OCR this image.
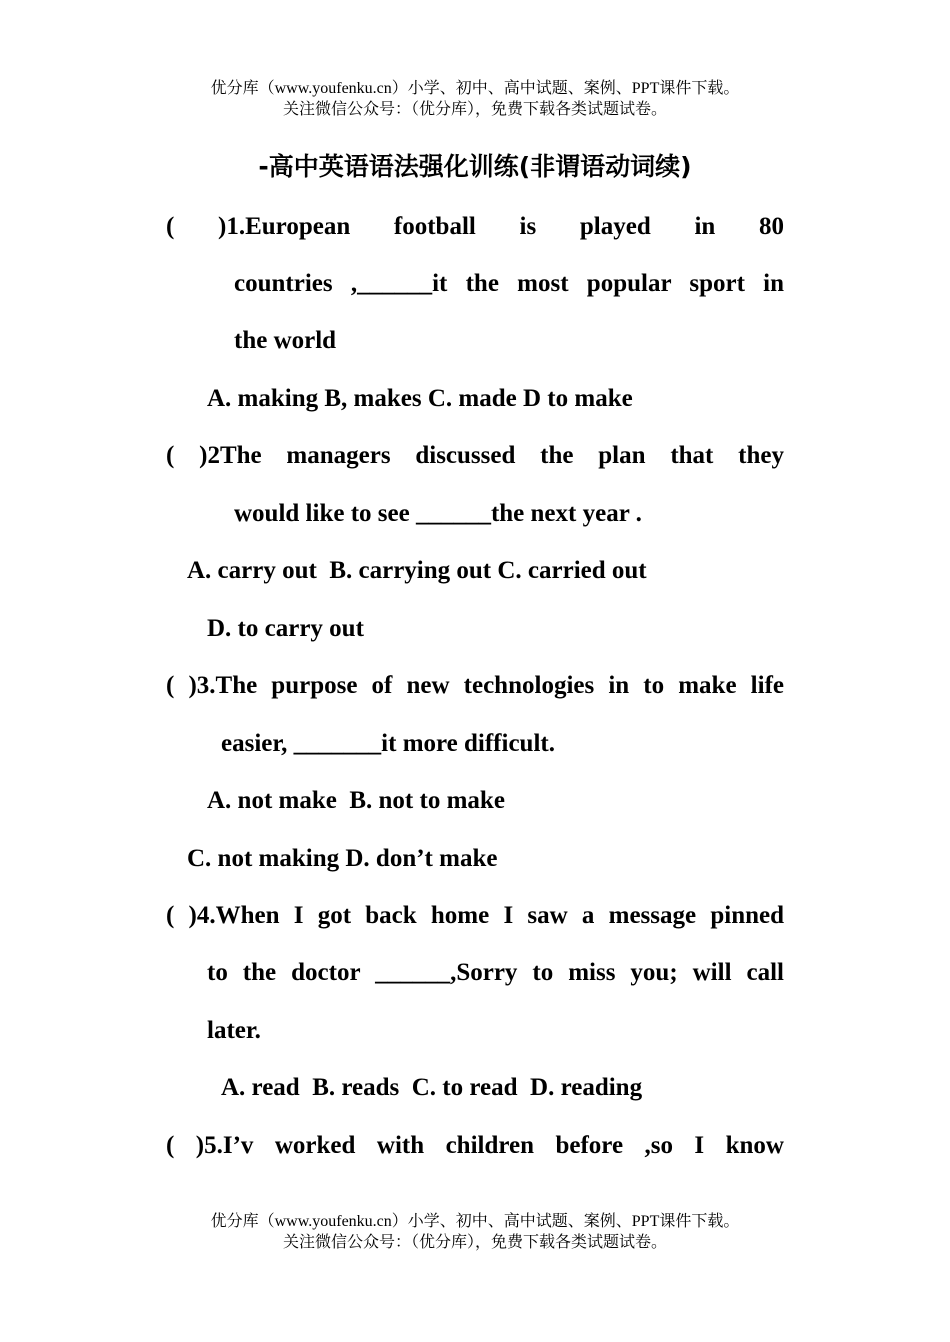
优分库（www.youfenku.cn）小学、初中、高中试题、案例、PPT课件下载。
关注微信公众号：（优分库），免费下载各类试题试卷。
-高中英语语法强化训练(非谓语动词续)
( )1.European football is played in 80
countries ,______it the most popular sport in
the world
A. making B, makes C. made D to make
( )2The managers discussed the plan that they
would like to see ______the next year .
A. carry out  B. carrying out C. carried out
D. to carry out
( )3.The purpose of new technologies in to make life
easier, _______it more difficult.
A. not make  B. not to make
C. not making D. don’t make
( )4.When I got back home I saw a message pinned
to the doctor ______,Sorry to miss you; will call
later.
A. read  B. reads  C. to read  D. reading
( )5.I’v worked with children before ,so I know
优分库（www.youfenku.cn）小学、初中、高中试题、案例、PPT课件下载。
关注微信公众号：（优分库），免费下载各类试题试卷。
